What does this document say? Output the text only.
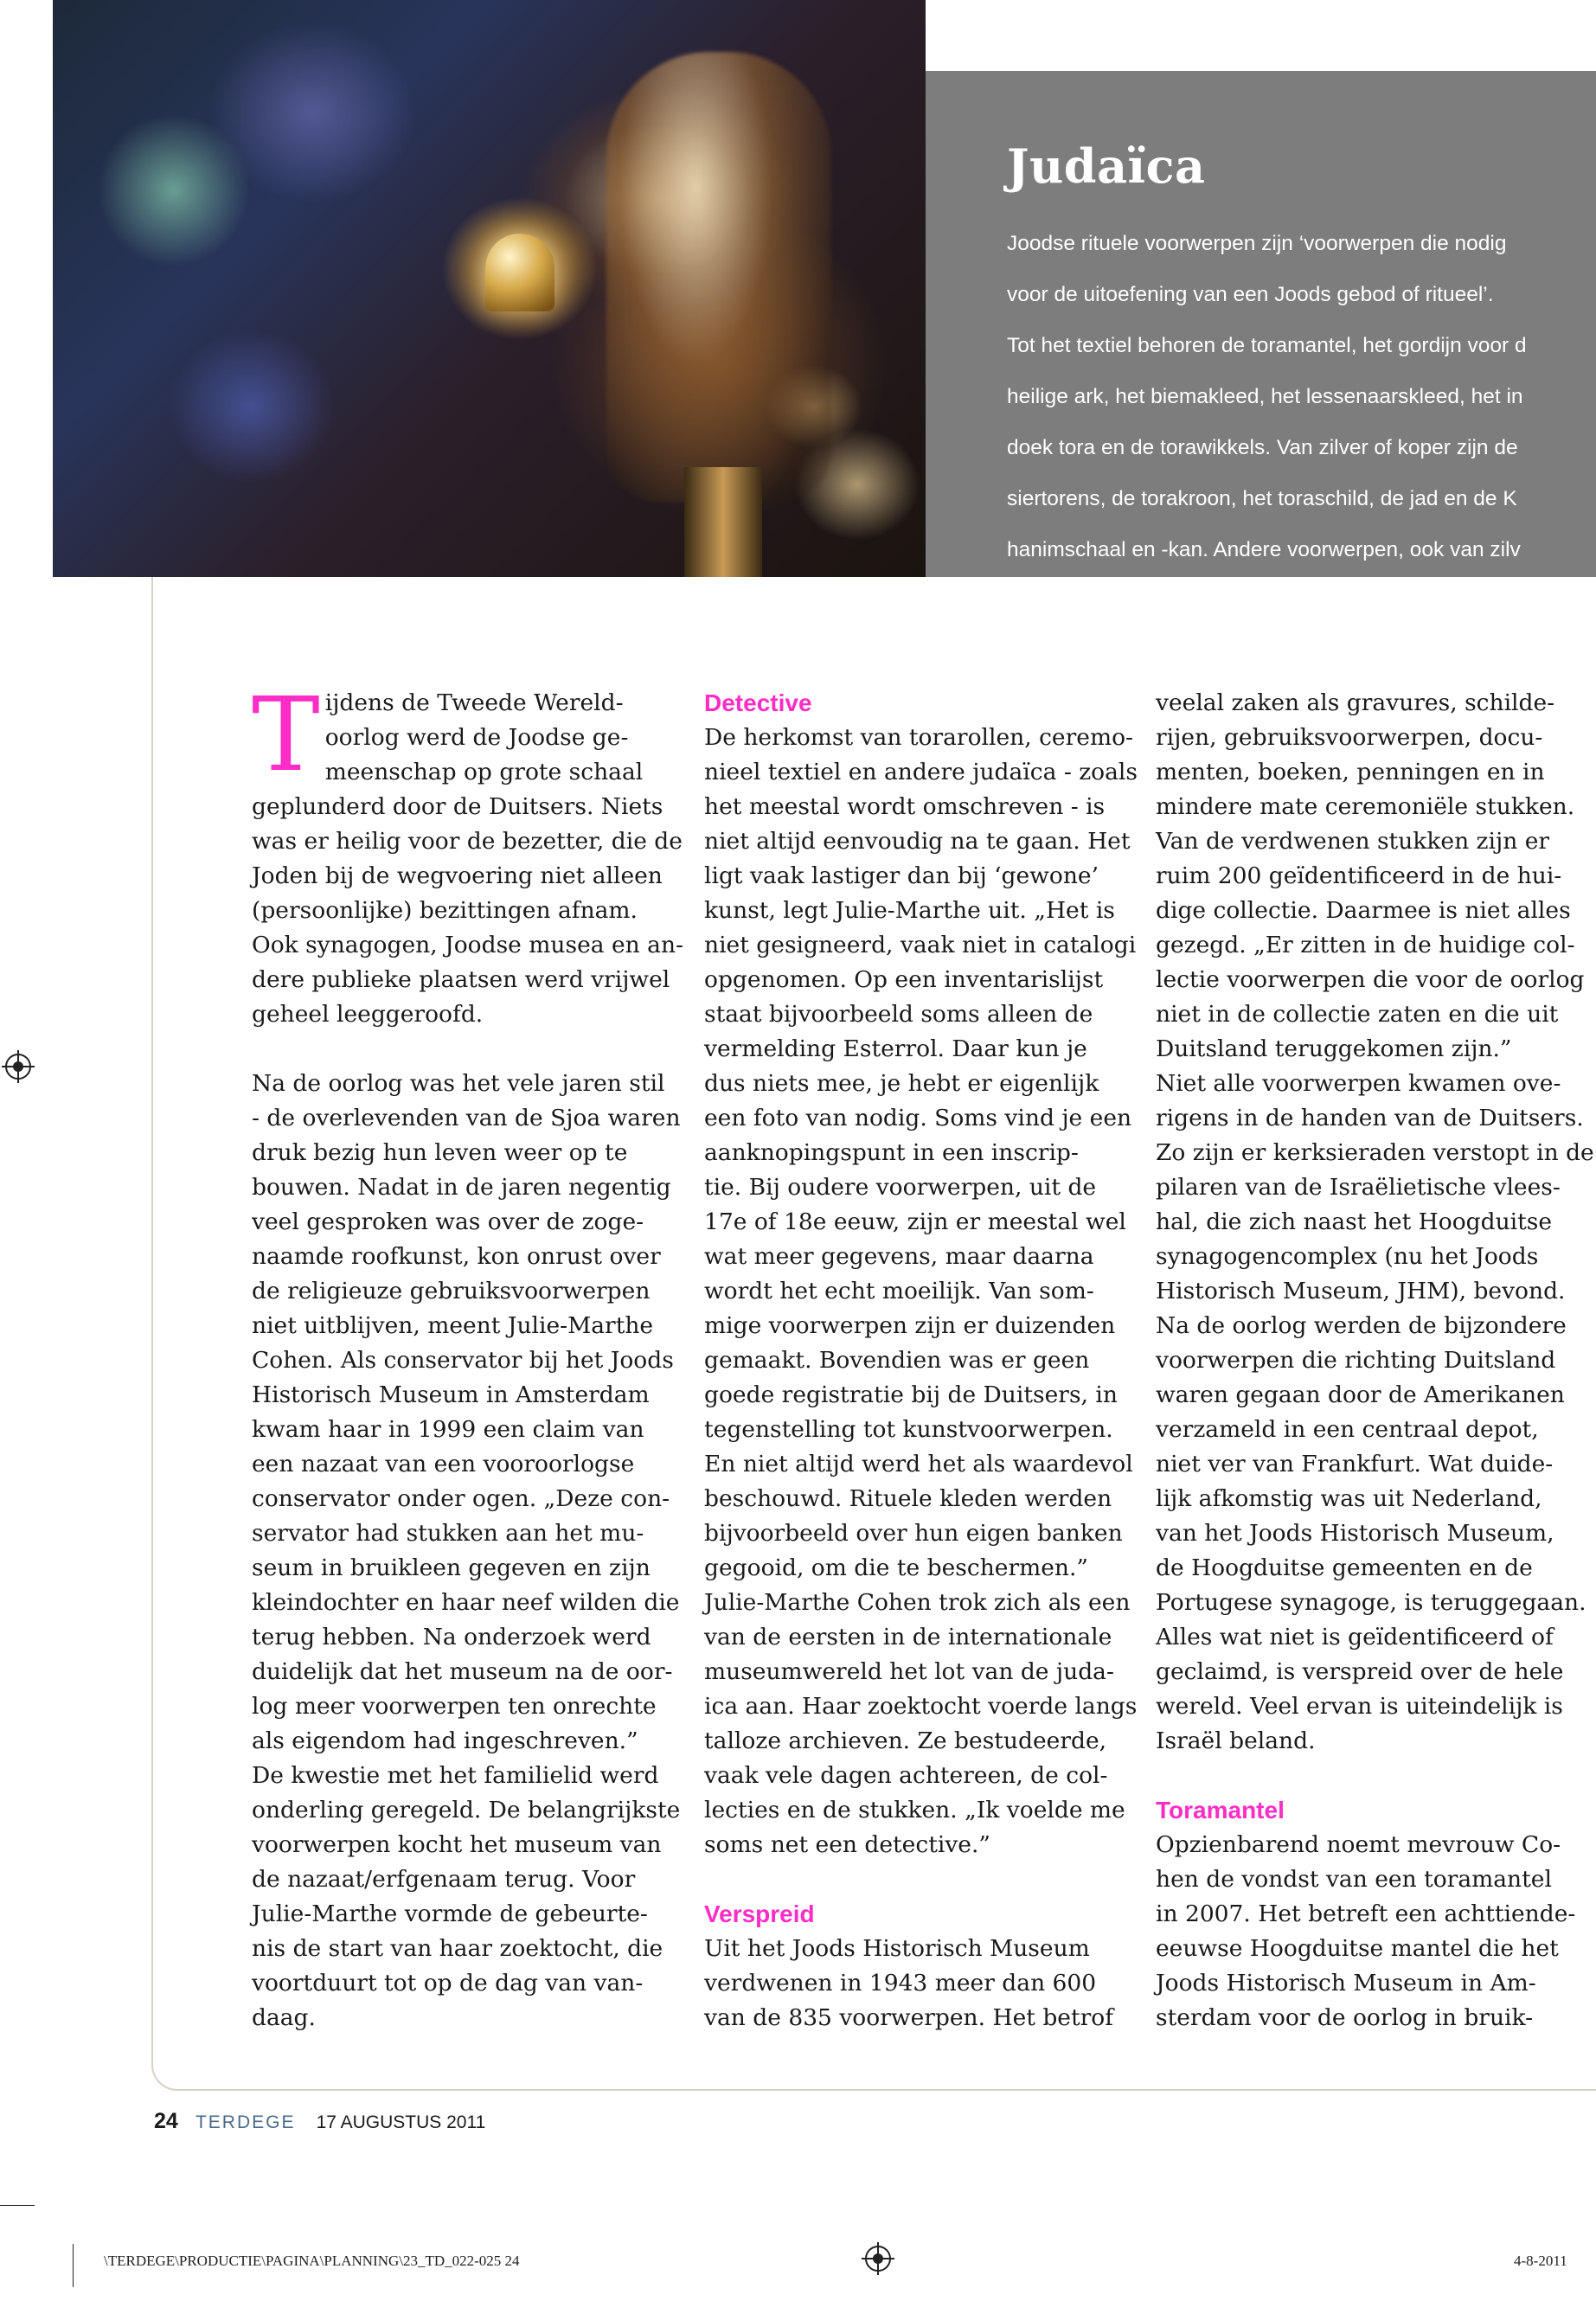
Judaïca

Joodse rituele voorwerpen zijn ‘voorwerpen die nodig

voor de uitoefening van een Joods gebod of ritueel’.

Tot het textiel behoren de toramantel, het gordijn voor d

heilige ark, het biemakleed, het lessenaarskleed, het in

doek tora en de torawikkels. Van zilver of koper zijn de

siertorens, de torakroon, het toraschild, de jad en de K

hanimschaal en -kan. Andere voorwerpen, ook van zilv

of koper, zijn de collectebus, de (doos) mitsweplaatjes,

loelavbus, de collecteschalen, de sjofar (ramshoorn), h

T ijdens de Tweede Wereld-

oorlog werd de Joodse ge-

meenschap op grote schaal

geplunderd door de Duitsers. Niets

was er heilig voor de bezetter, die de

Joden bij de wegvoering niet alleen

(persoonlijke) bezittingen afnam.

Ook synagogen, Joodse musea en an-

dere publieke plaatsen werd vrijwel

geheel leeggeroofd.

Na de oorlog was het vele jaren stil

- de overlevenden van de Sjoa waren

druk bezig hun leven weer op te

bouwen. Nadat in de jaren negentig

veel gesproken was over de zoge-

naamde roofkunst, kon onrust over

de religieuze gebruiksvoorwerpen

niet uitblijven, meent Julie-Marthe

Cohen. Als conservator bij het Joods

Historisch Museum in Amsterdam

kwam haar in 1999 een claim van

een nazaat van een vooroorlogse

conservator onder ogen. „Deze con-

servator had stukken aan het mu-

seum in bruikleen gegeven en zijn

kleindochter en haar neef wilden die

terug hebben. Na onderzoek werd

duidelijk dat het museum na de oor-

log meer voorwerpen ten onrechte

als eigendom had ingeschreven.”

De kwestie met het familielid werd

onderling geregeld. De belangrijkste

voorwerpen kocht het museum van

de nazaat/erfgenaam terug. Voor

Julie-Marthe vormde de gebeurte-

nis de start van haar zoektocht, die

voortduurt tot op de dag van van-

daag.

Detective

De herkomst van torarollen, ceremo-

nieel textiel en andere judaïca - zoals

het meestal wordt omschreven - is

niet altijd eenvoudig na te gaan. Het

ligt vaak lastiger dan bij ‘gewone’

kunst, legt Julie-Marthe uit. „Het is

niet gesigneerd, vaak niet in catalogi

opgenomen. Op een inventarislijst

staat bijvoorbeeld soms alleen de

vermelding Esterrol. Daar kun je

dus niets mee, je hebt er eigenlijk

een foto van nodig. Soms vind je een

aanknopingspunt in een inscrip-

tie. Bij oudere voorwerpen, uit de

17e of 18e eeuw, zijn er meestal wel

wat meer gegevens, maar daarna

wordt het echt moeilijk. Van som-

mige voorwerpen zijn er duizenden

gemaakt. Bovendien was er geen

goede registratie bij de Duitsers, in

tegenstelling tot kunstvoorwerpen.

En niet altijd werd het als waardevol

beschouwd. Rituele kleden werden

bijvoorbeeld over hun eigen banken

gegooid, om die te beschermen.”

Julie-Marthe Cohen trok zich als een

van de eersten in de internationale

museumwereld het lot van de juda-

ica aan. Haar zoektocht voerde langs

talloze archieven. Ze bestudeerde,

vaak vele dagen achtereen, de col-

lecties en de stukken. „Ik voelde me

soms net een detective.”

Verspreid

Uit het Joods Historisch Museum

verdwenen in 1943 meer dan 600

van de 835 voorwerpen. Het betrof

veelal zaken als gravures, schilde-

rijen, gebruiksvoorwerpen, docu-

menten, boeken, penningen en in

mindere mate ceremoniële stukken.

Van de verdwenen stukken zijn er

ruim 200 geïdentificeerd in de hui-

dige collectie. Daarmee is niet alles

gezegd. „Er zitten in de huidige col-

lectie voorwerpen die voor de oorlog

niet in de collectie zaten en die uit

Duitsland teruggekomen zijn.”

Niet alle voorwerpen kwamen ove-

rigens in de handen van de Duitsers.

Zo zijn er kerksieraden verstopt in de

pilaren van de Israëlietische vlees-

hal, die zich naast het Hoogduitse

synagogencomplex (nu het Joods

Historisch Museum, JHM), bevond.

Na de oorlog werden de bijzondere

voorwerpen die richting Duitsland

waren gegaan door de Amerikanen

verzameld in een centraal depot,

niet ver van Frankfurt. Wat duide-

lijk afkomstig was uit Nederland,

van het Joods Historisch Museum,

de Hoogduitse gemeenten en de

Portugese synagoge, is teruggegaan.

Alles wat niet is geïdentificeerd of

geclaimd, is verspreid over de hele

wereld. Veel ervan is uiteindelijk is

Israël beland.

Toramantel

Opzienbarend noemt mevrouw Co-

hen de vondst van een toramantel

in 2007. Het betreft een achttiende-

eeuwse Hoogduitse mantel die het

Joods Historisch Museum in Am-

sterdam voor de oorlog in bruik-

24 TERDEGE 17 AUGUSTUS 2011
\TERDEGE\PRODUCTIE\PAGINA\PLANNING\23_TD_022-025 24	4-8-2011
